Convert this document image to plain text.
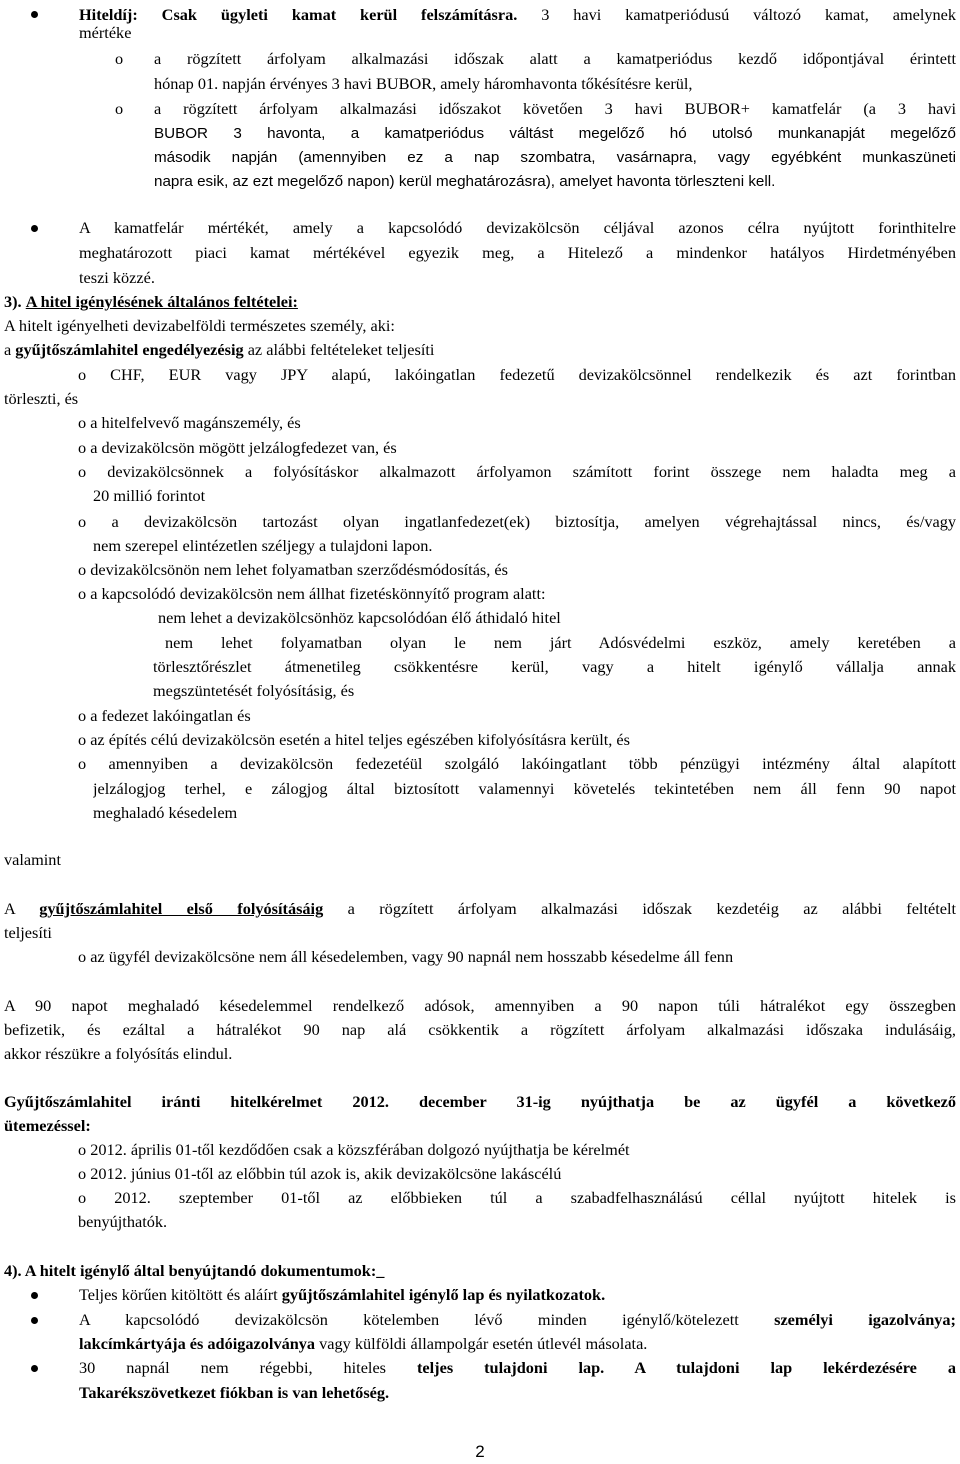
Hiteldíj: Csak ügyleti kamat kerül felszámításra. 3 havi kamatperiódusú változó kamat, amelynek
mértéke
o a rögzített árfolyam alkalmazási időszak alatt a kamatperiódus kezdő időpontjával érintett
hónap 01. napján érvényes 3 havi BUBOR, amely háromhavonta tőkésítésre kerül,
o a rögzített árfolyam alkalmazási időszakot követően 3 havi BUBOR+ kamatfelár (a 3 havi
BUBOR 3 havonta, a kamatperiódus váltást megelőző hó utolsó munkanapját megelőző
második napján (amennyiben ez a nap szombatra, vasárnapra, vagy egyébként munkaszüneti
napra esik, az ezt megelőző napon) kerül meghatározásra), amelyet havonta törleszteni kell.
A kamatfelár mértékét, amely a kapcsolódó devizakölcsön céljával azonos célra nyújtott forinthitelre
meghatározott piaci kamat mértékével egyezik meg, a Hitelező a mindenkor hatályos Hirdetményében
teszi közzé.
3). A hitel igénylésének általános feltételei:
A hitelt igényelheti devizabelföldi természetes személy, aki:
a gyűjtőszámlahitel engedélyezésig az alábbi feltételeket teljesíti
o CHF, EUR vagy JPY alapú, lakóingatlan fedezetű devizakölcsönnel rendelkezik és azt forintban
törleszti, és
o a hitelfelvevő magánszemély, és
o a devizakölcsön mögött jelzálogfedezet van, és
o devizakölcsönnek a folyósításkor alkalmazott árfolyamon számított forint összege nem haladta meg a
20 millió forintot
o a devizakölcsön tartozást olyan ingatlanfedezet(ek) biztosítja, amelyen végrehajtással nincs, és/vagy
nem szerepel elintézetlen széljegy a tulajdoni lapon.
o devizakölcsönön nem lehet folyamatban szerződésmódosítás, és
o a kapcsolódó devizakölcsön nem állhat fizetéskönnyítő program alatt:
nem lehet a devizakölcsönhöz kapcsolódóan élő áthidaló hitel
nem lehet folyamatban olyan le nem járt Adósvédelmi eszköz, amely keretében a
törlesztőrészlet átmenetileg csökkentésre kerül, vagy a hitelt igénylő vállalja annak
megszüntetését folyósításig, és
o a fedezet lakóingatlan és
o az építés célú devizakölcsön esetén a hitel teljes egészében kifolyósításra került, és
o amennyiben a devizakölcsön fedezetéül szolgáló lakóingatlant több pénzügyi intézmény által alapított
jelzálogjog terhel, e zálogjog által biztosított valamennyi követelés tekintetében nem áll fenn 90 napot
meghaladó késedelem
valamint
A gyűjtőszámlahitel első folyósításáig a rögzített árfolyam alkalmazási időszak kezdetéig az alábbi feltételt
teljesíti
o az ügyfél devizakölcsöne nem áll késedelemben, vagy 90 napnál nem hosszabb késedelme áll fenn
A 90 napot meghaladó késedelemmel rendelkező adósok, amennyiben a 90 napon túli hátralékot egy összegben
befizetik, és ezáltal a hátralékot 90 nap alá csökkentik a rögzített árfolyam alkalmazási időszaka indulásáig,
akkor részükre a folyósítás elindul.
Gyűjtőszámlahitel iránti hitelkérelmet 2012. december 31-ig nyújthatja be az ügyfél a következő
ütemezéssel:
o 2012. április 01-től kezdődően csak a közszférában dolgozó nyújthatja be kérelmét
o 2012. június 01-től az előbbin túl azok is, akik devizakölcsöne lakáscélú
o 2012. szeptember 01-től az előbbieken túl a szabadfelhasználású céllal nyújtott hitelek is
benyújthatók.
4). A hitelt igénylő által benyújtandó dokumentumok:_
Teljes körűen kitöltött és aláírt gyűjtőszámlahitel igénylő lap és nyilatkozatok.
A kapcsolódó devizakölcsön kötelemben lévő minden igénylő/kötelezett személyi igazolványa;
lakcímkártyája és adóigazolványa vagy külföldi állampolgár esetén útlevél másolata.
30 napnál nem régebbi, hiteles teljes tulajdoni lap. A tulajdoni lap lekérdezésére a
Takarékszövetkezet fiókban is van lehetőség.
2
